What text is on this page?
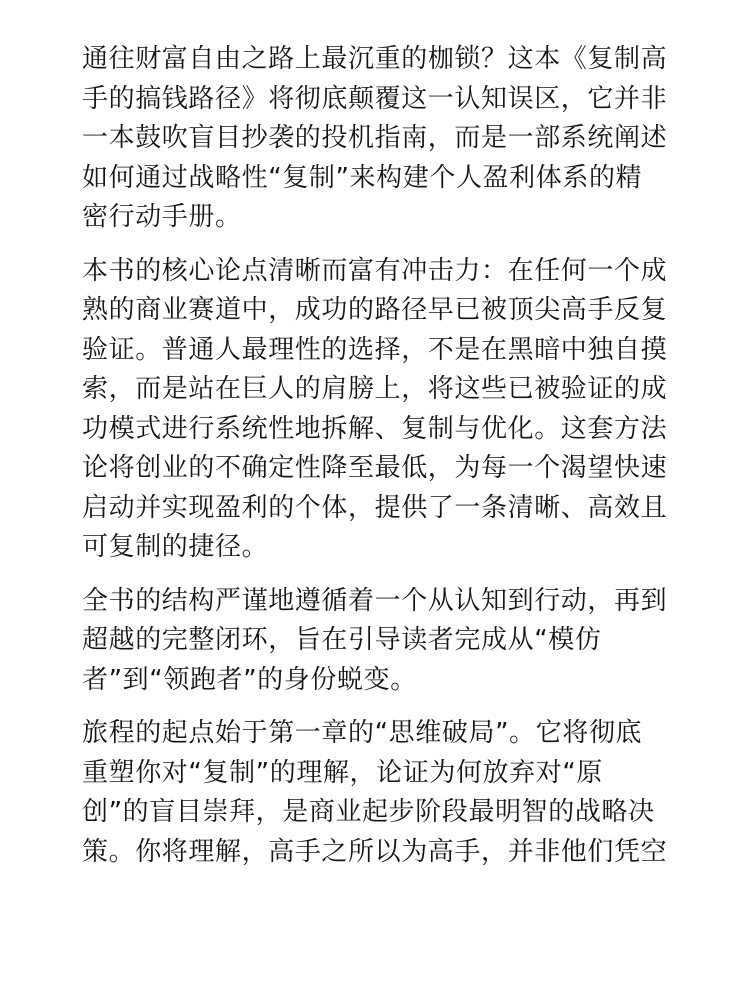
通往财富自由之路上最沉重的枷锁？这本《复制高
手的搞钱路径》将彻底颠覆这一认知误区，它并非
一本鼓吹盲目抄袭的投机指南，而是一部系统阐述
如何通过战略性“复制”来构建个人盈利体系的精
密行动手册。
本书的核心论点清晰而富有冲击力：在任何一个成
熟的商业赛道中，成功的路径早已被顶尖高手反复
验证。普通人最理性的选择，不是在黑暗中独自摸
索，而是站在巨人的肩膀上，将这些已被验证的成
功模式进行系统性地拆解、复制与优化。这套方法
论将创业的不确定性降至最低，为每一个渴望快速
启动并实现盈利的个体，提供了一条清晰、高效且
可复制的捷径。
全书的结构严谨地遵循着一个从认知到行动，再到
超越的完整闭环，旨在引导读者完成从“模仿
者”到“领跑者”的身份蜕变。
旅程的起点始于第一章的“思维破局”。它将彻底
重塑你对“复制”的理解，论证为何放弃对“原
创”的盲目崇拜，是商业起步阶段最明智的战略决
策。你将理解，高手之所以为高手，并非他们凭空
